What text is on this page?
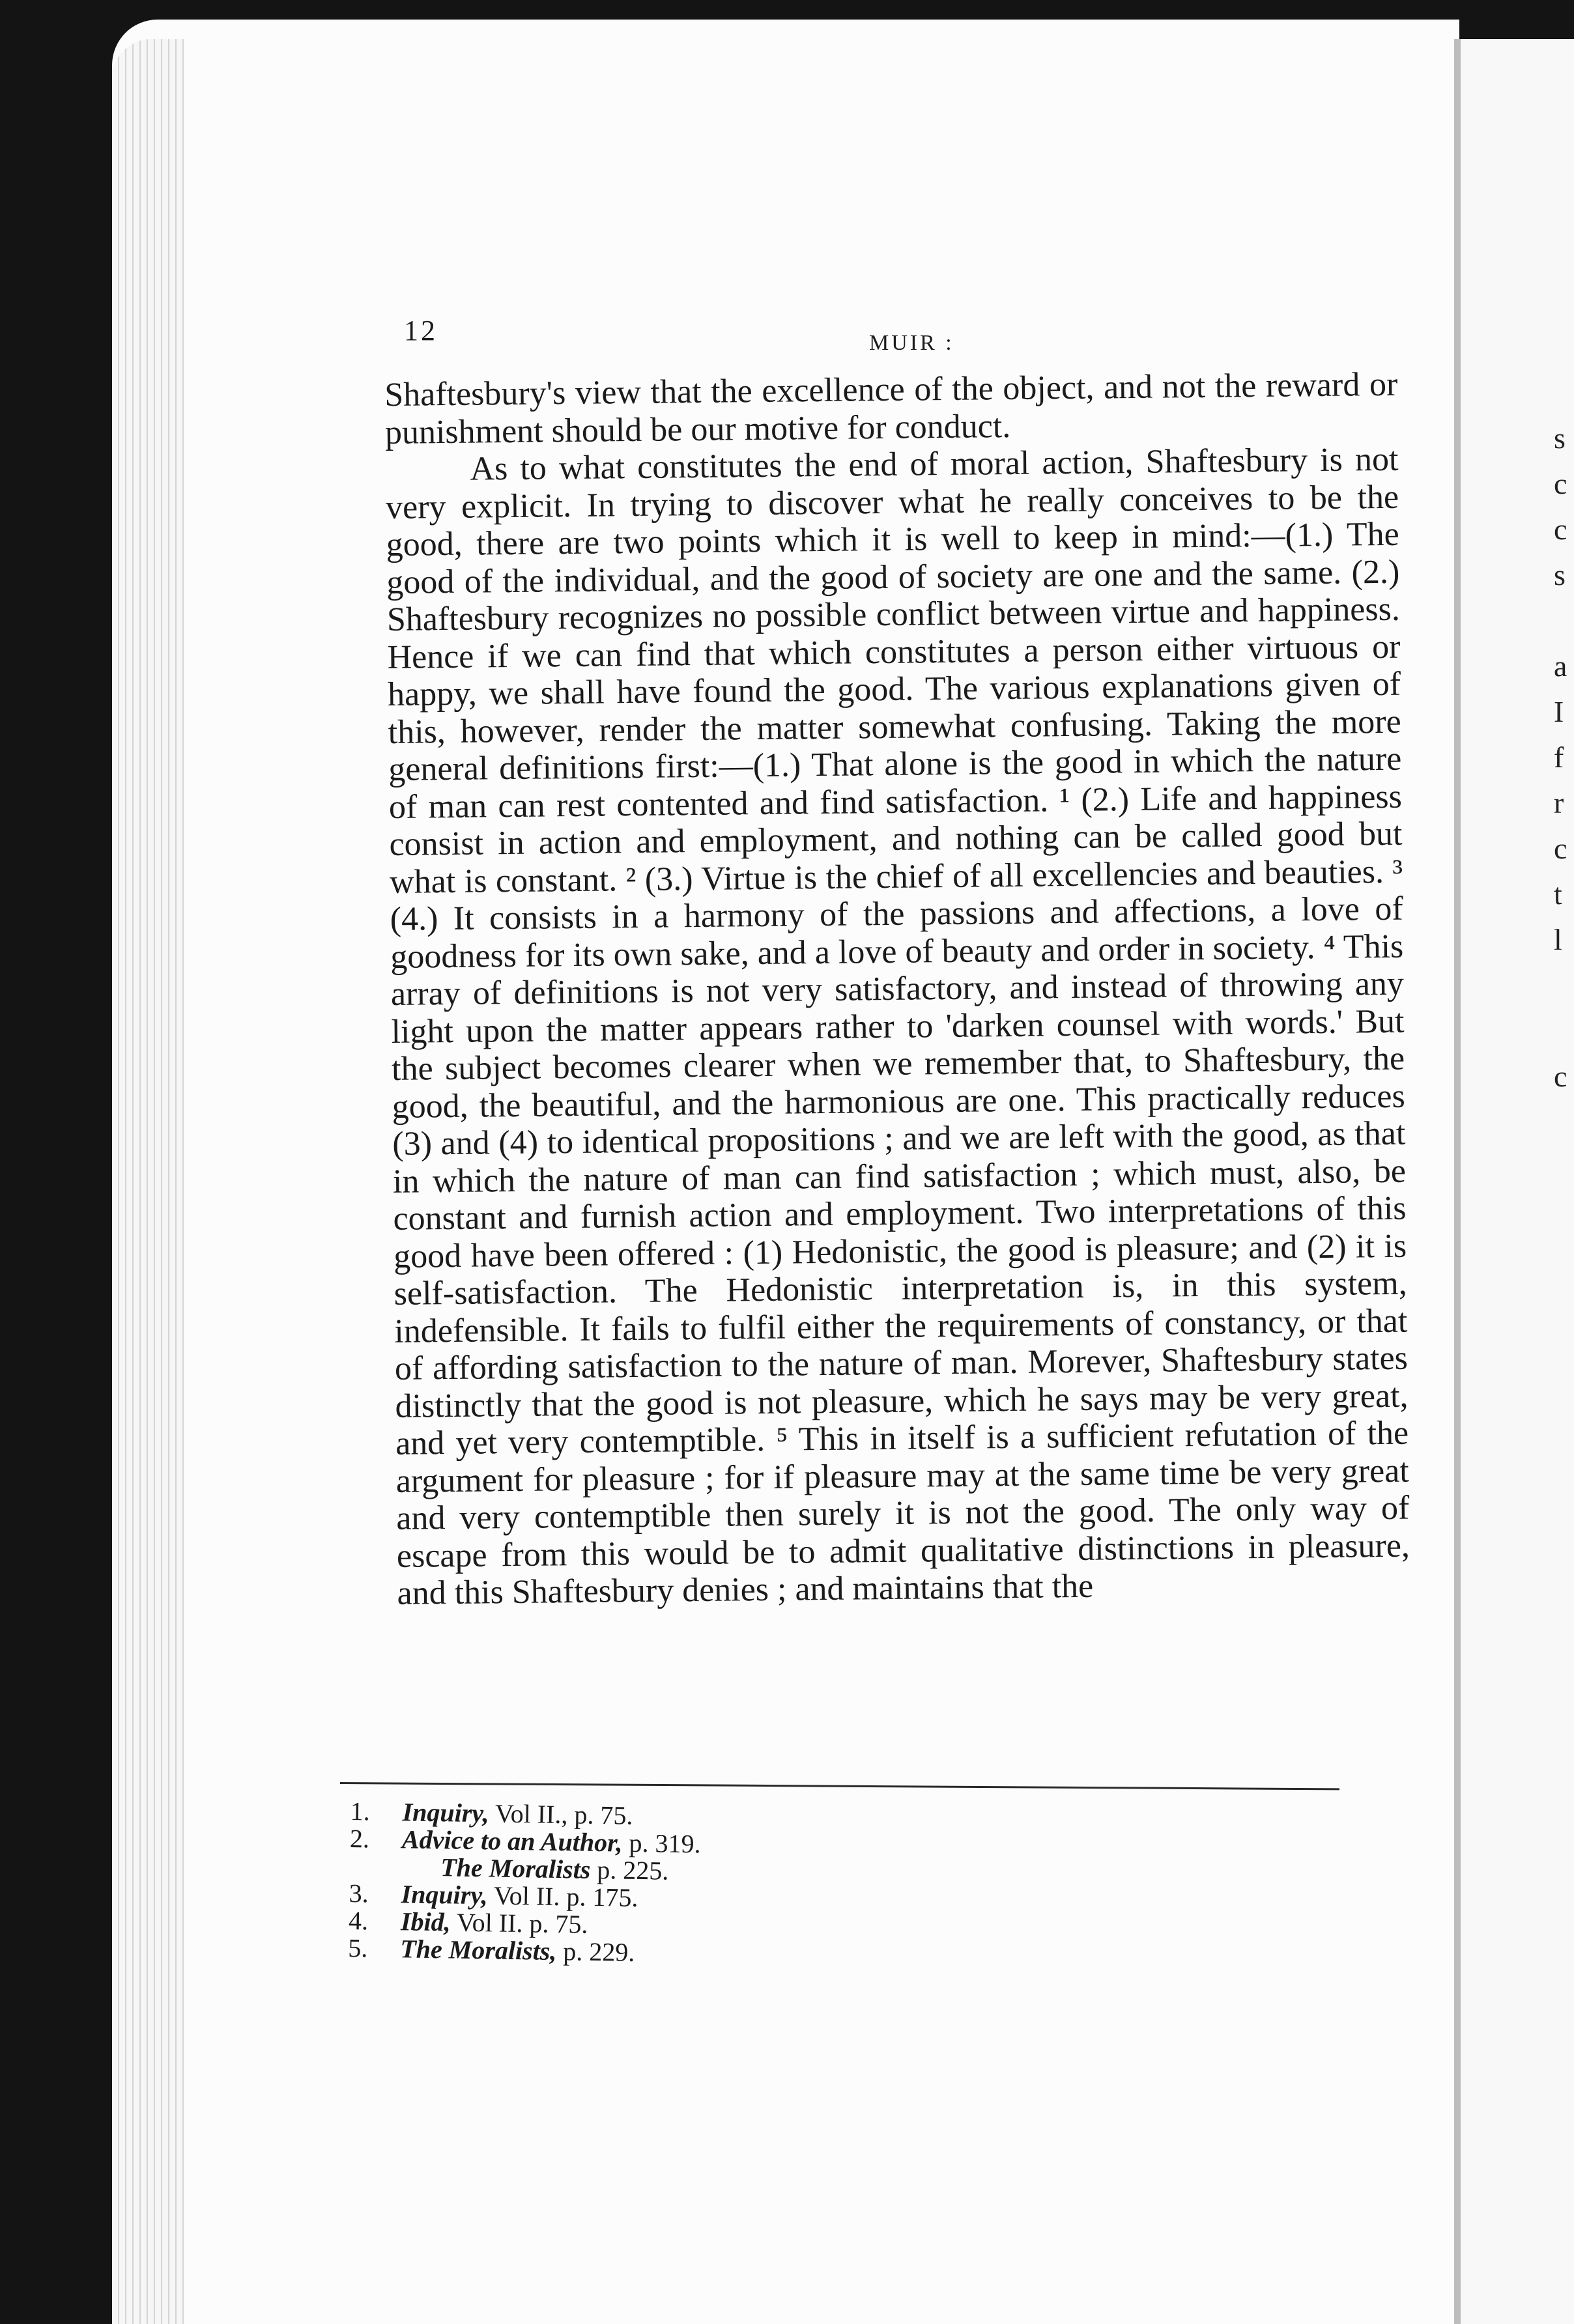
s
c
c
s
a
I
f
r
c
t
l
c
12	MUIR :

Shaftesbury's view that the excellence of the object, and not the reward or punishment should be our motive for conduct.

As to what constitutes the end of moral action, Shaftesbury is not very explicit. In trying to discover what he really conceives to be the good, there are two points which it is well to keep in mind:—(1.) The good of the individual, and the good of society are one and the same. (2.) Shaftesbury recognizes no possible conflict between virtue and happiness. Hence if we can find that which constitutes a person either virtuous or happy, we shall have found the good. The various explanations given of this, however, render the matter somewhat confusing. Taking the more general definitions first:—(1.) That alone is the good in which the nature of man can rest contented and find satisfaction. ¹ (2.) Life and happiness consist in action and employment, and nothing can be called good but what is constant. ² (3.) Virtue is the chief of all excellencies and beauties. ³ (4.) It consists in a harmony of the passions and affections, a love of goodness for its own sake, and a love of beauty and order in society. ⁴ This array of definitions is not very satisfactory, and instead of throwing any light upon the matter appears rather to 'darken counsel with words.' But the subject becomes clearer when we remember that, to Shaftesbury, the good, the beautiful, and the harmonious are one. This practically reduces (3) and (4) to identical propositions ; and we are left with the good, as that in which the nature of man can find satisfaction ; which must, also, be constant and furnish action and employment. Two interpretations of this good have been offered : (1) Hedonistic, the good is pleasure; and (2) it is self-satisfaction. The Hedonistic interpretation is, in this system, indefensible. It fails to fulfil either the requirements of constancy, or that of affording satisfaction to the nature of man. Morever, Shaftesbury states distinctly that the good is not pleasure, which he says may be very great, and yet very contemptible. ⁵ This in itself is a sufficient refutation of the argument for pleasure ; for if pleasure may at the same time be very great and very contemptible then surely it is not the good. The only way of escape from this would be to admit qualitative distinctions in pleasure, and this Shaftesbury denies ; and maintains that the

1.	Inquiry, Vol II., p. 75.
2.	Advice to an Author, p. 319.
The Moralists p. 225.
3.	Inquiry, Vol II. p. 175.
4.	Ibid, Vol II. p. 75.
5.	The Moralists, p. 229.
